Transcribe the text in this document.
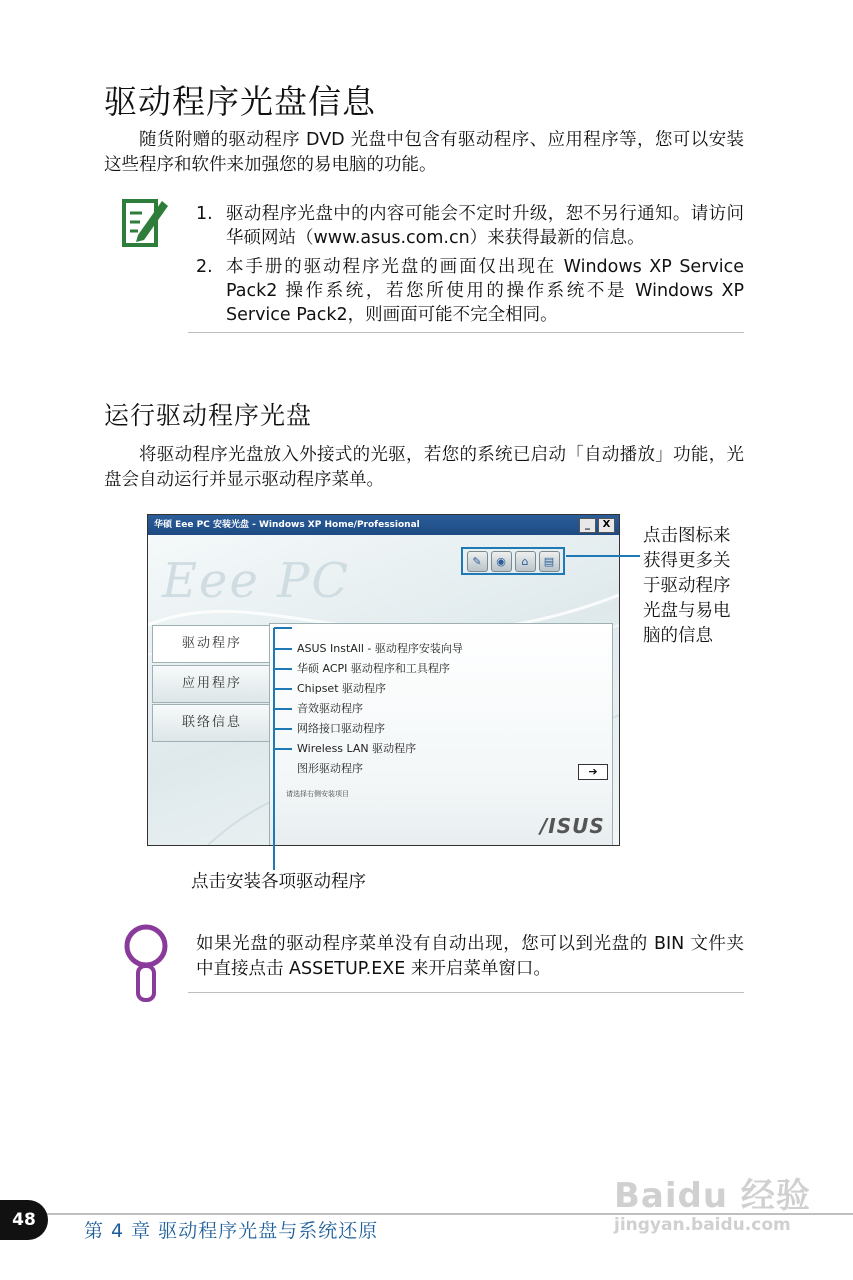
驱动程序光盘信息
随货附赠的驱动程序 DVD 光盘中包含有驱动程序、应用程序等，您可以安装这些程序和软件来加强您的易电脑的功能。
1. 驱动程序光盘中的内容可能会不定时升级，恕不另行通知。请访问华硕网站（www.asus.com.cn）来获得最新的信息。
2. 本手册的驱动程序光盘的画面仅出现在 Windows XP Service Pack2 操作系统，若您所使用的操作系统不是 Windows XP Service Pack2，则画面可能不完全相同。
运行驱动程序光盘
将驱动程序光盘放入外接式的光驱，若您的系统已启动「自动播放」功能，光盘会自动运行并显示驱动程序菜单。
华硕 Eee PC 安装光盘 - Windows XP Home/Professional	_	X
Eee PC	✎	◉	⌂	▤
驱动程序
应用程序
联络信息
ASUS InstAll - 驱动程序安装向导
华硕 ACPI 驱动程序和工具程序
Chipset 驱动程序
音效驱动程序
网络接口驱动程序
Wireless LAN 驱动程序
图形驱动程序
请选择右侧安装项目
➔
/ISUS
点击图标来
获得更多关
于驱动程序
光盘与易电
脑的信息
点击安装各项驱动程序
如果光盘的驱动程序菜单没有自动出现，您可以到光盘的 BIN 文件夹中直接点击 ASSETUP.EXE 来开启菜单窗口。
48	第 4 章 驱动程序光盘与系统还原
Baidu 经验
jingyan.baidu.com
